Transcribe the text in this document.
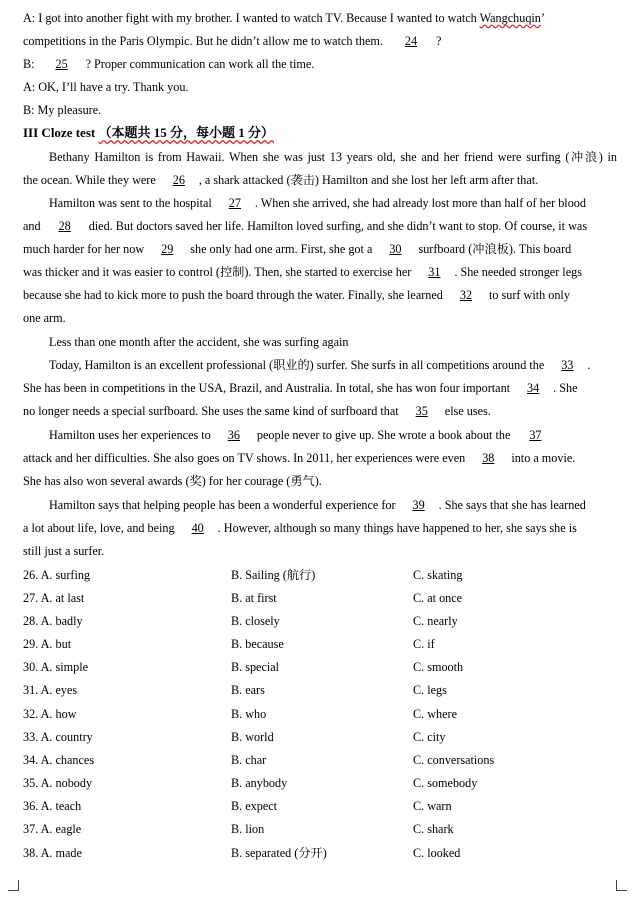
A: I got into another fight with my brother. I wanted to watch TV. Because I wanted to watch Wangchuqin’
competitions in the Paris Olympic. But he didn’t allow me to watch them. 24 ?
B: 25 ? Proper communication can work all the time.
A: OK, I’ll have a try. Thank you.
B: My pleasure.
III Cloze test （本题共 15 分，每小题 1 分）
Bethany Hamilton is from Hawaii. When she was just 13 years old, she and her friend were surfing (冲浪) in
the ocean. While they were 26 , a shark attacked (袭击) Hamilton and she lost her left arm after that.
Hamilton was sent to the hospital 27 . When she arrived, she had already lost more than half of her blood
and 28 died. But doctors saved her life. Hamilton loved surfing, and she didn’t want to stop. Of course, it was
much harder for her now 29 she only had one arm. First, she got a 30 surfboard (冲浪板). This board
was thicker and it was easier to control (控制). Then, she started to exercise her 31 . She needed stronger legs
because she had to kick more to push the board through the water. Finally, she learned 32 to surf with only
one arm.
Less than one month after the accident, she was surfing again
Today, Hamilton is an excellent professional (职业的) surfer. She surfs in all competitions around the 33 .
She has been in competitions in the USA, Brazil, and Australia. In total, she has won four important 34 . She
no longer needs a special surfboard. She uses the same kind of surfboard that 35 else uses.
Hamilton uses her experiences to 36 people never to give up. She wrote a book about the 37
attack and her difficulties. She also goes on TV shows. In 2011, her experiences were even 38 into a movie.
She has also won several awards (奖) for her courage (勇气).
Hamilton says that helping people has been a wonderful experience for 39 . She says that she has learned
a lot about life, love, and being 40 . However, although so many things have happened to her, she says she is
still just a surfer.
26. A. surfing	B. Sailing (航行)	C. skating
27. A. at last	B. at first	C. at once
28. A. badly	B. closely	C. nearly
29. A. but	B. because	C. if
30. A. simple	B. special	C. smooth
31. A. eyes	B. ears	C. legs
32. A. how	B. who	C. where
33. A. country	B. world	C. city
34. A. chances	B. char	C. conversations
35. A. nobody	B. anybody	C. somebody
36. A. teach	B. expect	C. warn
37. A. eagle	B. lion	C. shark
38. A. made	B. separated (分开)	C. looked
